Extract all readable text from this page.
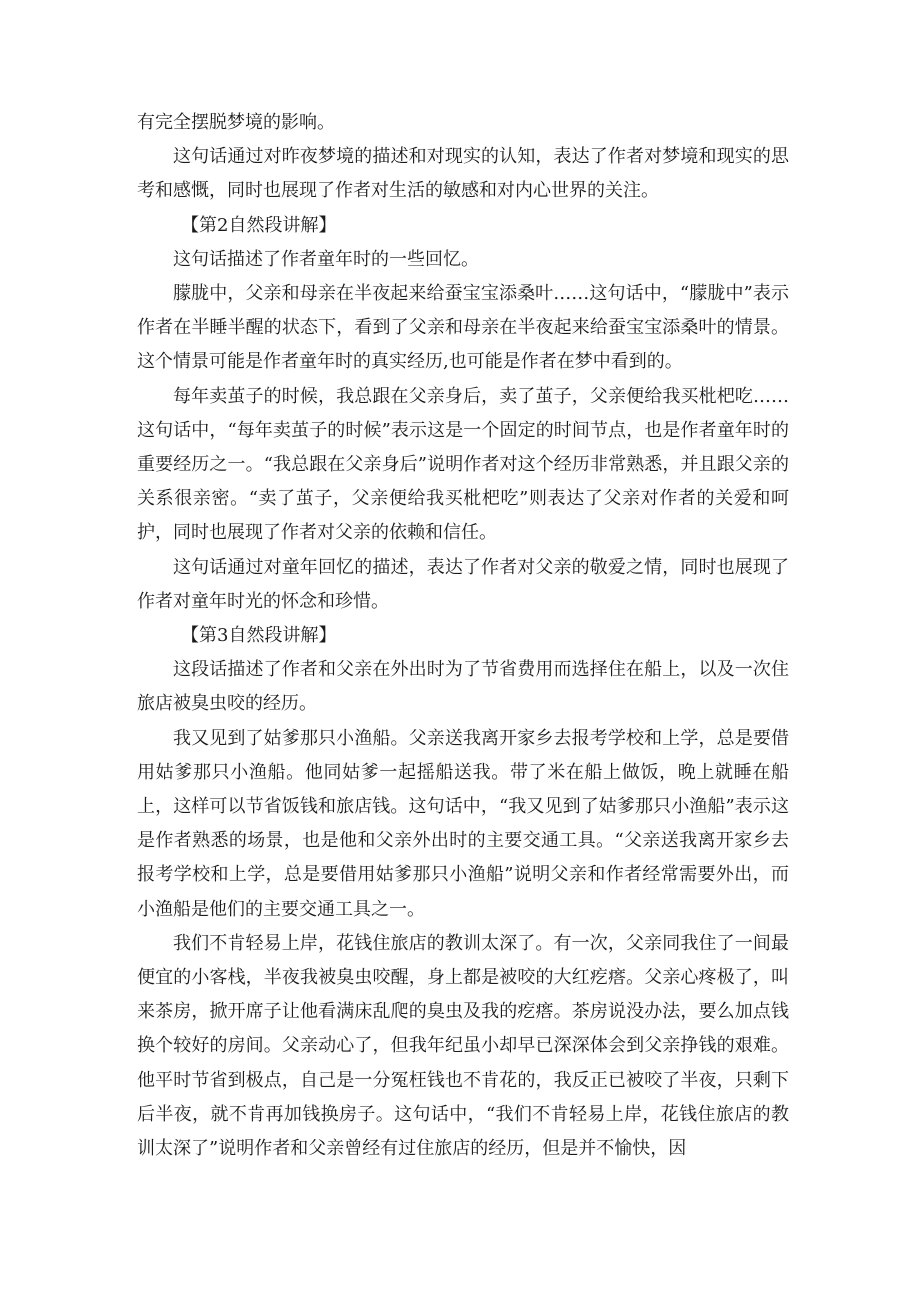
有完全摆脱梦境的影响。

这句话通过对昨夜梦境的描述和对现实的认知，表达了作者对梦境和现实的思考和感慨，同时也展现了作者对生活的敏感和对内心世界的关注。

【第2自然段讲解】

这句话描述了作者童年时的一些回忆。

朦胧中，父亲和母亲在半夜起来给蚕宝宝添桑叶……这句话中，“朦胧中”表示作者在半睡半醒的状态下，看到了父亲和母亲在半夜起来给蚕宝宝添桑叶的情景。这个情景可能是作者童年时的真实经历,也可能是作者在梦中看到的。

每年卖茧子的时候，我总跟在父亲身后，卖了茧子，父亲便给我买枇杷吃……这句话中，“每年卖茧子的时候”表示这是一个固定的时间节点，也是作者童年时的重要经历之一。“我总跟在父亲身后”说明作者对这个经历非常熟悉，并且跟父亲的关系很亲密。“卖了茧子，父亲便给我买枇杷吃”则表达了父亲对作者的关爱和呵护，同时也展现了作者对父亲的依赖和信任。

这句话通过对童年回忆的描述，表达了作者对父亲的敬爱之情，同时也展现了作者对童年时光的怀念和珍惜。

【第3自然段讲解】

这段话描述了作者和父亲在外出时为了节省费用而选择住在船上，以及一次住旅店被臭虫咬的经历。

我又见到了姑爹那只小渔船。父亲送我离开家乡去报考学校和上学，总是要借用姑爹那只小渔船。他同姑爹一起摇船送我。带了米在船上做饭，晚上就睡在船上，这样可以节省饭钱和旅店钱。这句话中，“我又见到了姑爹那只小渔船”表示这是作者熟悉的场景，也是他和父亲外出时的主要交通工具。“父亲送我离开家乡去报考学校和上学，总是要借用姑爹那只小渔船”说明父亲和作者经常需要外出，而小渔船是他们的主要交通工具之一。

我们不肯轻易上岸，花钱住旅店的教训太深了。有一次，父亲同我住了一间最便宜的小客栈，半夜我被臭虫咬醒，身上都是被咬的大红疙瘩。父亲心疼极了，叫来茶房，掀开席子让他看满床乱爬的臭虫及我的疙瘩。茶房说没办法，要么加点钱换个较好的房间。父亲动心了，但我年纪虽小却早已深深体会到父亲挣钱的艰难。他平时节省到极点，自己是一分冤枉钱也不肯花的，我反正已被咬了半夜，只剩下后半夜，就不肯再加钱换房子。这句话中，“我们不肯轻易上岸，花钱住旅店的教训太深了”说明作者和父亲曾经有过住旅店的经历，但是并不愉快，因
